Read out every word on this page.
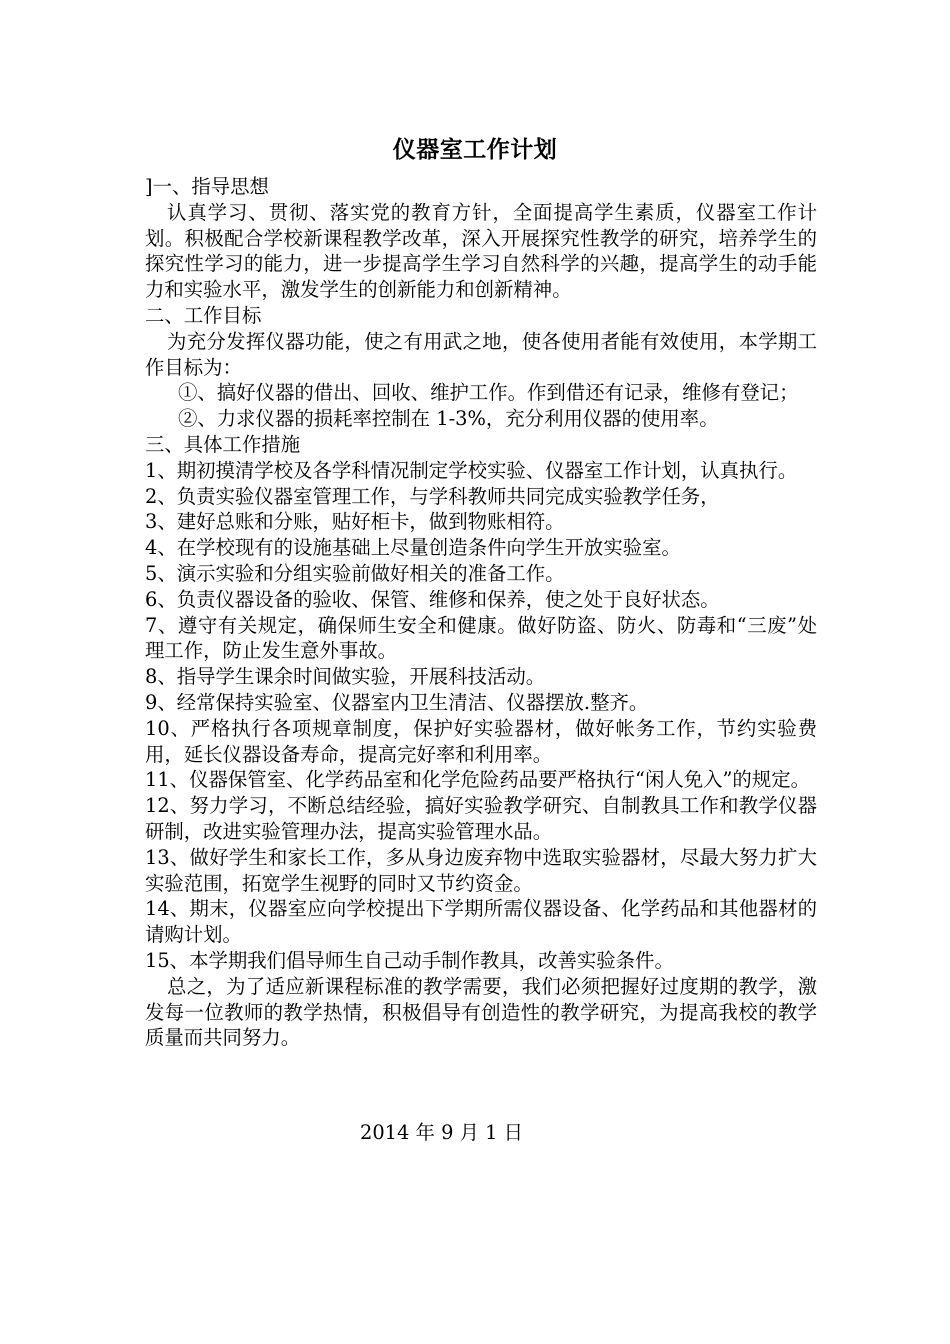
仪器室工作计划

]一、指导思想

认真学习、贯彻、落实党的教育方针，全面提高学生素质，仪器室工作计划。积极配合学校新课程教学改革，深入开展探究性教学的研究，培养学生的探究性学习的能力，进一步提高学生学习自然科学的兴趣，提高学生的动手能力和实验水平，激发学生的创新能力和创新精神。

二、工作目标

为充分发挥仪器功能，使之有用武之地，使各使用者能有效使用，本学期工作目标为：

①、搞好仪器的借出、回收、维护工作。作到借还有记录，维修有登记；

②、力求仪器的损耗率控制在 1-3%，充分利用仪器的使用率。

三、具体工作措施

1、期初摸清学校及各学科情况制定学校实验、仪器室工作计划，认真执行。

2、负责实验仪器室管理工作，与学科教师共同完成实验教学任务，

3、建好总账和分账，贴好柜卡，做到物账相符。

4、在学校现有的设施基础上尽量创造条件向学生开放实验室。

5、演示实验和分组实验前做好相关的准备工作。

6、负责仪器设备的验收、保管、维修和保养，使之处于良好状态。

7、遵守有关规定，确保师生安全和健康。做好防盗、防火、防毒和“三废”处理工作，防止发生意外事故。

8、指导学生课余时间做实验，开展科技活动。

9、经常保持实验室、仪器室内卫生清洁、仪器摆放.整齐。

10、严格执行各项规章制度，保护好实验器材，做好帐务工作，节约实验费用，延长仪器设备寿命，提高完好率和利用率。

11、仪器保管室、化学药品室和化学危险药品要严格执行“闲人免入”的规定。

12、努力学习，不断总结经验，搞好实验教学研究、自制教具工作和教学仪器研制，改进实验管理办法，提高实验管理水品。

13、做好学生和家长工作，多从身边废弃物中选取实验器材，尽最大努力扩大实验范围，拓宽学生视野的同时又节约资金。

14、期末，仪器室应向学校提出下学期所需仪器设备、化学药品和其他器材的请购计划。

15、本学期我们倡导师生自己动手制作教具，改善实验条件。

总之，为了适应新课程标准的教学需要，我们必须把握好过度期的教学，激发每一位教师的教学热情，积极倡导有创造性的教学研究，为提高我校的教学质量而共同努力。

2014 年 9 月 1 日
